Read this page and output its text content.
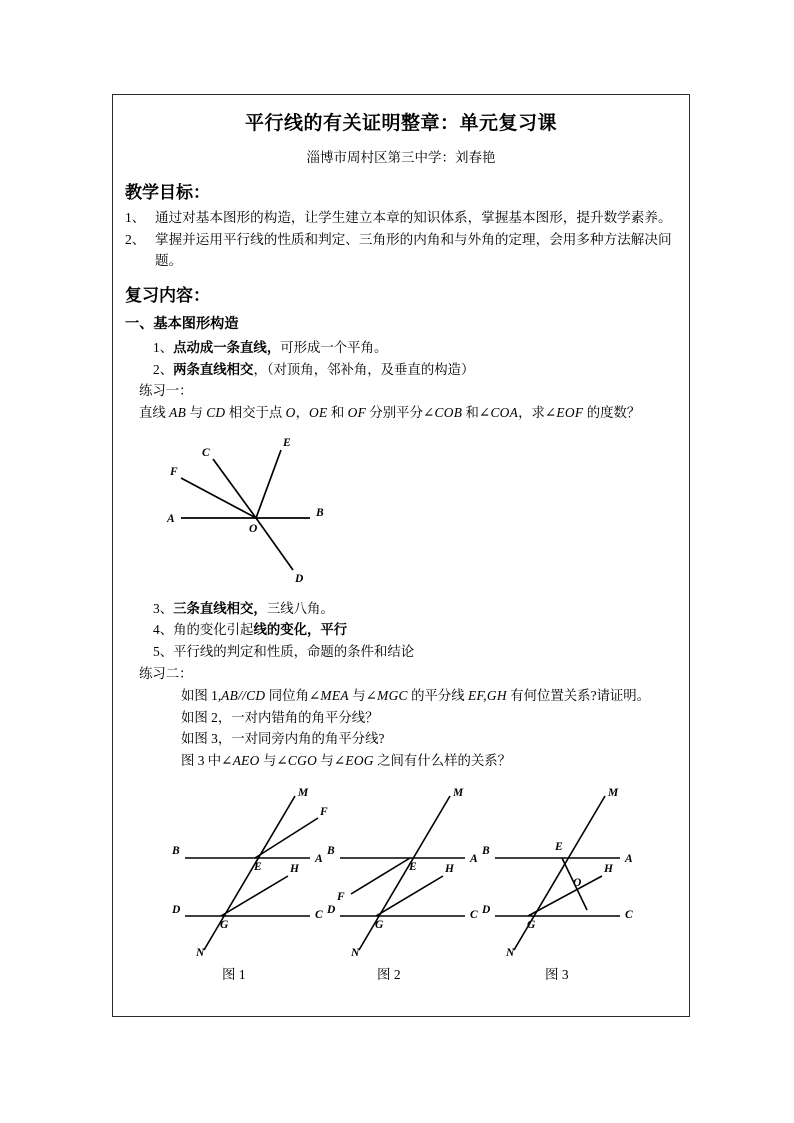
平行线的有关证明整章：单元复习课
淄博市周村区第三中学：刘春艳
教学目标：
1、 通过对基本图形的构造，让学生建立本章的知识体系，掌握基本图形，提升数学素养。
2、 掌握并运用平行线的性质和判定、三角形的内角和与外角的定理，会用多种方法解决问题。
复习内容：
一、基本图形构造
1、点动成一条直线，可形成一个平角。
2、两条直线相交，（对顶角，邻补角，及垂直的构造）
练习一：
直线 AB 与 CD 相交于点 O，OE 和 OF 分别平分∠COB 和∠COA，求∠EOF 的度数？
A	B
C
E
F
D
O
3、三条直线相交，三线八角。
4、角的变化引起线的变化，平行
5、平行线的判定和性质，命题的条件和结论
练习二：
如图 1,AB//CD 同位角∠MEA 与∠MGC 的平分线 EF,GH 有何位置关系?请证明。
如图 2，一对内错角的角平分线？
如图 3，一对同旁内角的角平分线?
图 3 中∠AEO 与∠CGO 与∠EOG 之间有什么样的关系？
B
A
D	C
M
N
F
H
E
G
B
A
D	C
M
N
F
H
E
G
B
A
D	C
M
N
H
E
G
O
图 1	图 2	图 3
